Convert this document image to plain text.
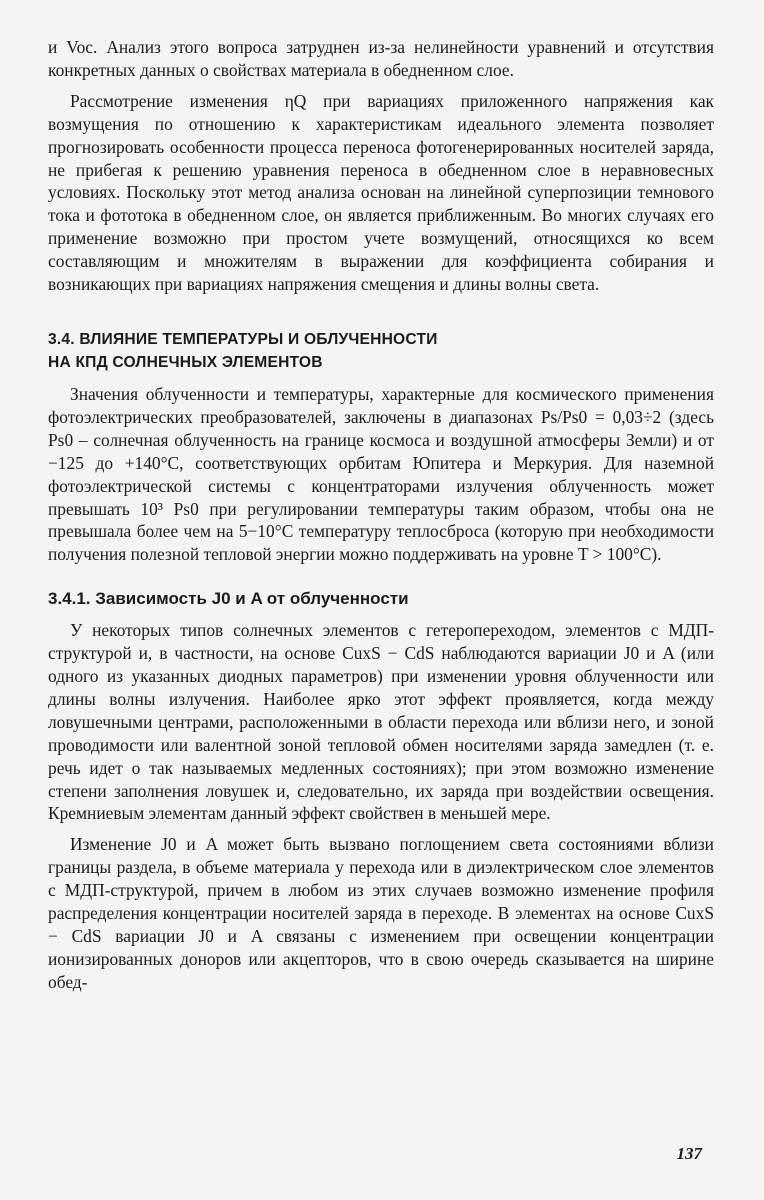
и Voc. Анализ этого вопроса затруднен из-за нелинейности уравнений и отсутствия конкретных данных о свойствах материала в обедненном слое.

Рассмотрение изменения ηQ при вариациях приложенного напряжения как возмущения по отношению к характеристикам идеального элемента позволяет прогнозировать особенности процесса переноса фотогенерированных носителей заряда, не прибегая к решению уравнения переноса в обедненном слое в неравновесных условиях. Поскольку этот метод анализа основан на линейной суперпозиции темнового тока и фототока в обедненном слое, он является приближенным. Во многих случаях его применение возможно при простом учете возмущений, относящихся ко всем составляющим и множителям в выражении для коэффициента собирания и возникающих при вариациях напряжения смещения и длины волны света.

3.4. ВЛИЯНИЕ ТЕМПЕРАТУРЫ И ОБЛУЧЕННОСТИ
НА КПД СОЛНЕЧНЫХ ЭЛЕМЕНТОВ

Значения облученности и температуры, характерные для космического применения фотоэлектрических преобразователей, заключены в диапазонах Ps/Ps0 = 0,03÷2 (здесь Ps0 – солнечная облученность на границе космоса и воздушной атмосферы Земли) и от −125 до +140°С, соответствующих орбитам Юпитера и Меркурия. Для наземной фотоэлектрической системы с концентраторами излучения облученность может превышать 10³ Ps0 при регулировании температуры таким образом, чтобы она не превышала более чем на 5−10°С температуру теплосброса (которую при необходимости получения полезной тепловой энергии можно поддерживать на уровне T > 100°С).

3.4.1. Зависимость J0 и A от облученности

У некоторых типов солнечных элементов с гетеропереходом, элементов с МДП-структурой и, в частности, на основе CuxS − CdS наблюдаются вариации J0 и A (или одного из указанных диодных параметров) при изменении уровня облученности или длины волны излучения. Наиболее ярко этот эффект проявляется, когда между ловушечными центрами, расположенными в области перехода или вблизи него, и зоной проводимости или валентной зоной тепловой обмен носителями заряда замедлен (т. е. речь идет о так называемых медленных состояниях); при этом возможно изменение степени заполнения ловушек и, следовательно, их заряда при воздействии освещения. Кремниевым элементам данный эффект свойствен в меньшей мере.

Изменение J0 и A может быть вызвано поглощением света состояниями вблизи границы раздела, в объеме материала у перехода или в диэлектрическом слое элементов с МДП-структурой, причем в любом из этих случаев возможно изменение профиля распределения концентрации носителей заряда в переходе. В элементах на основе CuxS − CdS вариации J0 и A связаны с изменением при освещении концентрации ионизированных доноров или акцепторов, что в свою очередь сказывается на ширине обед-

137
